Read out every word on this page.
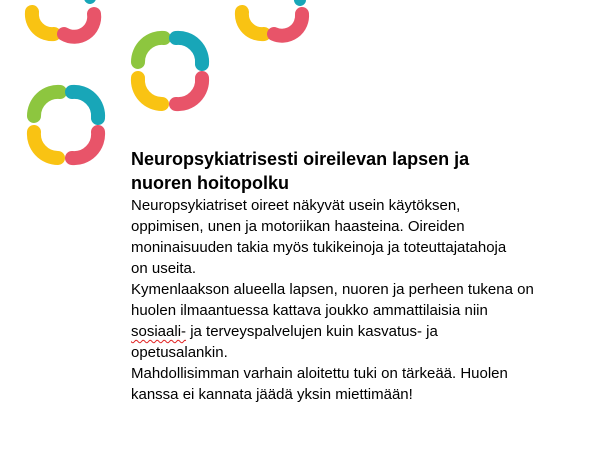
Neuropsykiatrisesti oireilevan lapsen ja
nuoren hoitopolku

Neuropsykiatriset oireet näkyvät usein käytöksen,
oppimisen, unen ja motoriikan haasteina. Oireiden
moninaisuuden takia myös tukikeinoja ja toteuttajatahoja
on useita.

Kymenlaakson alueella lapsen, nuoren ja perheen tukena on
huolen ilmaantuessa kattava joukko ammattilaisia niin
sosiaali- ja terveyspalvelujen kuin kasvatus- ja
opetusalankin.

Mahdollisimman varhain aloitettu tuki on tärkeää. Huolen
kanssa ei kannata jäädä yksin miettimään!
